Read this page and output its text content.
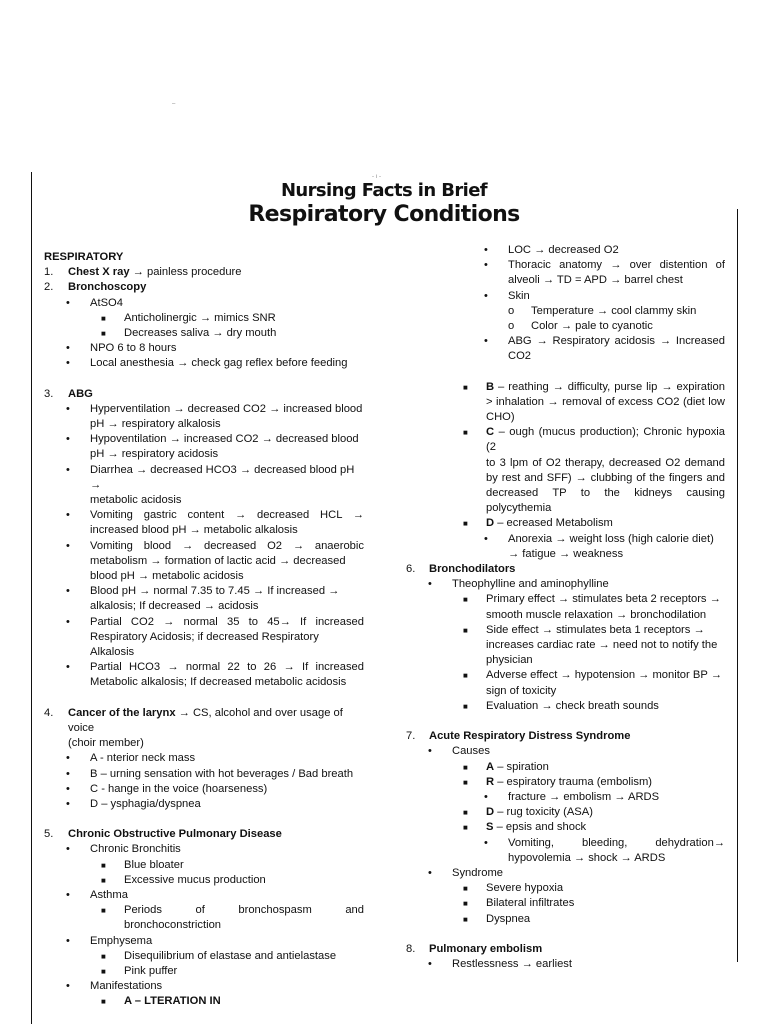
–
- ı -
Nursing Facts in Brief
Respiratory Conditions
RESPIRATORY
1. Chest X ray → painless procedure
2. Bronchoscopy
• AtSO4
■ Anticholinergic → mimics SNR
■ Decreases saliva → dry mouth
• NPO 6 to 8 hours
• Local anesthesia → check gag reflex before feeding
3. ABG
• Hyperventilation → decreased CO2 → increased blood
pH → respiratory alkalosis
• Hypoventilation → increased CO2 → decreased blood
pH → respiratory acidosis
• Diarrhea → decreased HCO3 → decreased blood pH →
metabolic acidosis
• Vomiting gastric content → decreased HCL →
increased blood pH → metabolic alkalosis
• Vomiting blood → decreased O2 → anaerobic
metabolism → formation of lactic acid → decreased
blood pH → metabolic acidosis
• Blood pH → normal 7.35 to 7.45 → If increased →
alkalosis; If decreased → acidosis
• Partial CO2 → normal 35 to 45→ If increased
Respiratory Acidosis; if decreased Respiratory Alkalosis
• Partial HCO3 → normal 22 to 26 → If increased
Metabolic alkalosis; If decreased metabolic acidosis
4. Cancer of the larynx → CS, alcohol and over usage of voice
(choir member)
• A - nterior neck mass
• B – urning sensation with hot beverages / Bad breath
• C - hange in the voice (hoarseness)
• D – ysphagia/dyspnea
5. Chronic Obstructive Pulmonary Disease
• Chronic Bronchitis
■ Blue bloater
■ Excessive mucus production
• Asthma
■ Periods of bronchospasm and
bronchoconstriction
• Emphysema
■ Disequilibrium of elastase and antielastase
■ Pink puffer
• Manifestations
■ A – LTERATION IN
• LOC → decreased O2
• Thoracic anatomy → over distention of
alveoli → TD = APD → barrel chest
• Skin
o Temperature → cool clammy skin
o Color → pale to cyanotic
• ABG → Respiratory acidosis → Increased
CO2
■ B – reathing → difficulty, purse lip → expiration
> inhalation → removal of excess CO2 (diet low
CHO)
■ C – ough (mucus production); Chronic hypoxia (2
to 3 lpm of O2 therapy, decreased O2 demand
by rest and SFF) → clubbing of the fingers and
decreased TP to the kidneys causing
polycythemia
■ D – ecreased Metabolism
• Anorexia → weight loss (high calorie diet)
→ fatigue → weakness
6. Bronchodilators
• Theophylline and aminophylline
■ Primary effect → stimulates beta 2 receptors →
smooth muscle relaxation → bronchodilation
■ Side effect → stimulates beta 1 receptors →
increases cardiac rate → need not to notify the
physician
■ Adverse effect → hypotension → monitor BP →
sign of toxicity
■ Evaluation → check breath sounds
7. Acute Respiratory Distress Syndrome
• Causes
■ A – spiration
■ R – espiratory trauma (embolism)
• fracture → embolism → ARDS
■ D – rug toxicity (ASA)
■ S – epsis and shock
• Vomiting, bleeding, dehydration→
hypovolemia → shock → ARDS
• Syndrome
■ Severe hypoxia
■ Bilateral infiltrates
■ Dyspnea
8. Pulmonary embolism
• Restlessness → earliest
